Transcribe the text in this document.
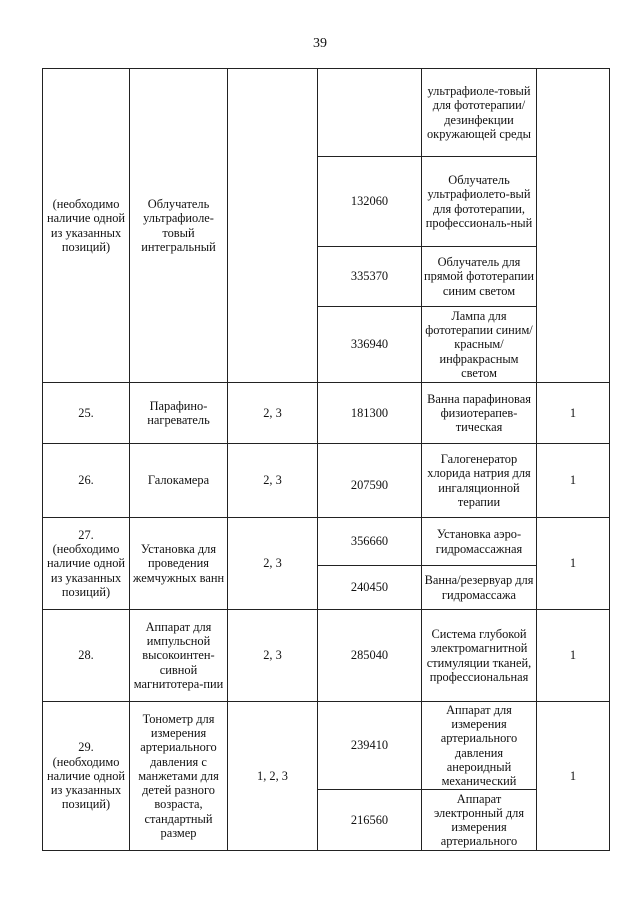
39
(необходимо наличие одной из указанных позиций)	Облучатель ультрафиоле-товый интегральный			ультрафиоле-товый для фототерапии/ дезинфекции окружающей среды	
			132060	Облучатель ультрафиолето-вый для фототерапии, профессиональ-ный	
			335370	Облучатель для прямой фототерапии синим светом	
			336940	Лампа для фототерапии синим/красным/ инфракрасным светом	
25.	Парафино-нагреватель	2, 3	181300	Ванна парафиновая физиотерапев-тическая	1
26.	Галокамера	2, 3	207590	Галогенератор хлорида натрия для ингаляционной терапии	1
27. (необходимо наличие одной из указанных позиций)	Установка для проведения жемчужных ванн	2, 3	356660	Установка аэро-гидромассажная	1
			240450	Ванна/резервуар для гидромассажа	
28.	Аппарат для импульсной высокоинтен-сивной магнитотера-пии	2, 3	285040	Система глубокой электромагнитной стимуляции тканей, профессиональная	1
29. (необходимо наличие одной из указанных позиций)	Тонометр для измерения артериального давления с манжетами для детей разного возраста, стандартный размер	1, 2, 3	239410	Аппарат для измерения артериального давления анероидный механический	1
			216560	Аппарат электронный для измерения артериального	
